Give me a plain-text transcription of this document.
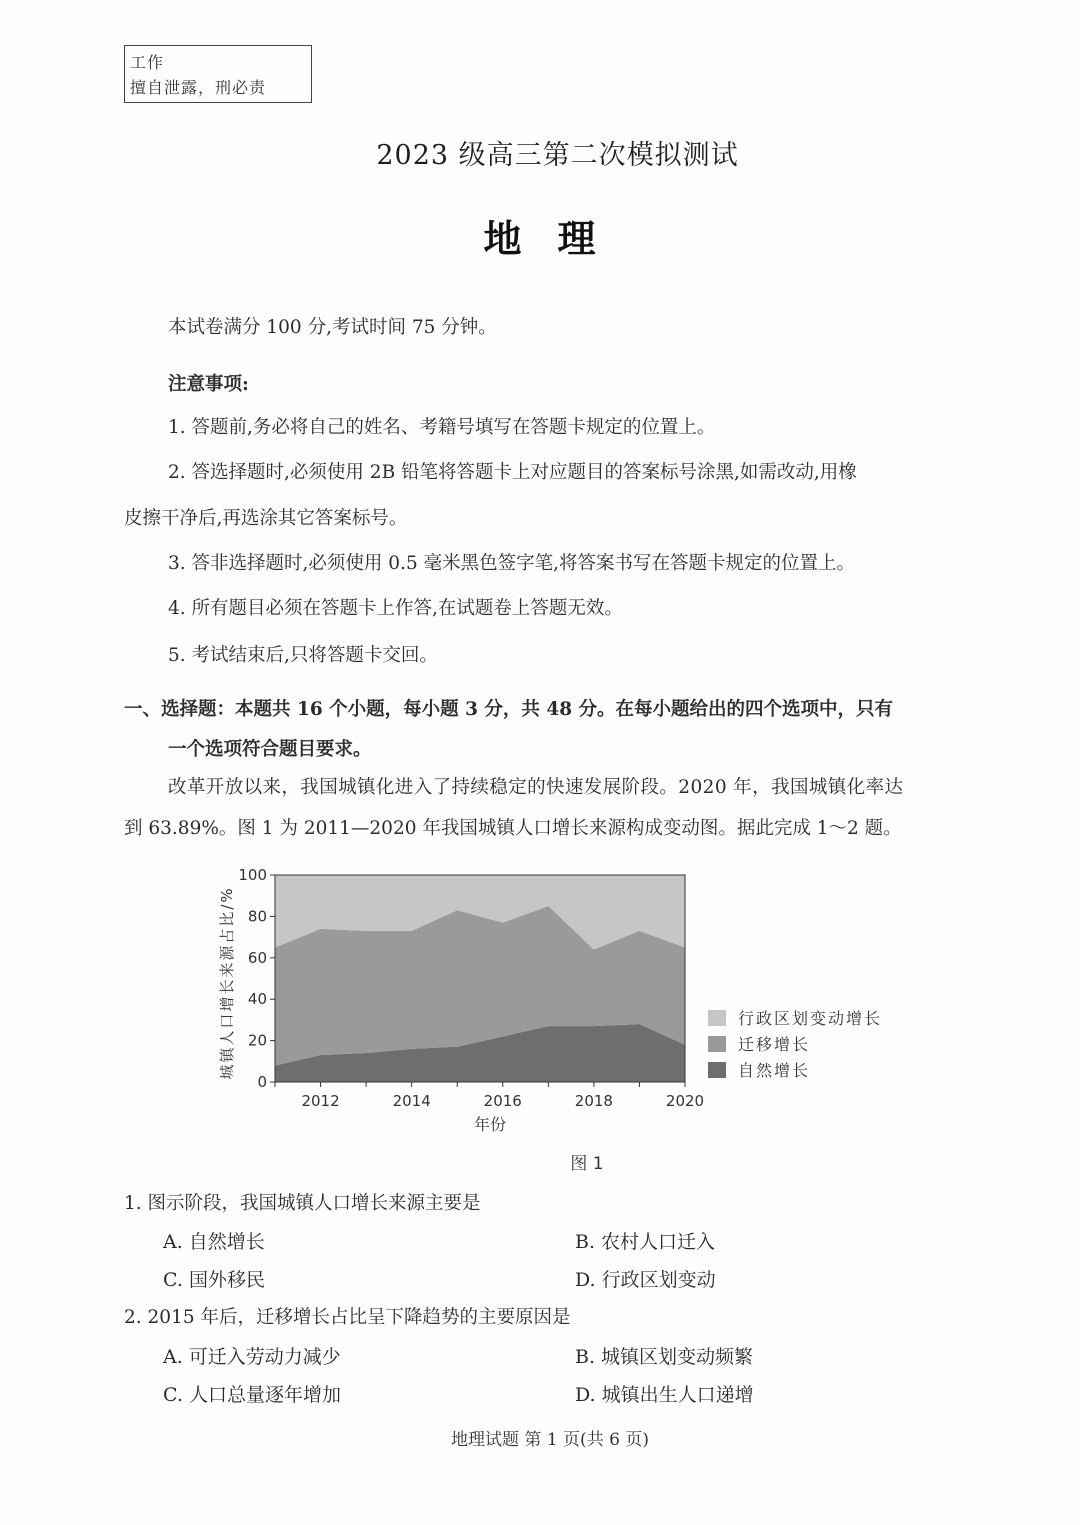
工作
擅自泄露，刑必责
2023 级高三第二次模拟测试
地理
本试卷满分 100 分,考试时间 75 分钟。
注意事项:
1. 答题前,务必将自己的姓名、考籍号填写在答题卡规定的位置上。
2. 答选择题时,必须使用 2B 铅笔将答题卡上对应题目的答案标号涂黑,如需改动,用橡
皮擦干净后,再选涂其它答案标号。
3. 答非选择题时,必须使用 0.5 毫米黑色签字笔,将答案书写在答题卡规定的位置上。
4. 所有题目必须在答题卡上作答,在试题卷上答题无效。
5. 考试结束后,只将答题卡交回。
一、选择题：本题共 16 个小题，每小题 3 分，共 48 分。在每小题给出的四个选项中，只有
一个选项符合题目要求。
改革开放以来，我国城镇化进入了持续稳定的快速发展阶段。2020 年，我国城镇化率达
到 63.89%。图 1 为 2011—2020 年我国城镇人口增长来源构成变动图。据此完成 1～2 题。
0
20
40
60
80
100
2012	2014	2016	2018	2020
年份
城镇人口增长来源占比/%	行政区划变动增长
迁移增长
自然增长
图 1
1. 图示阶段，我国城镇人口增长来源主要是
A. 自然增长	B. 农村人口迁入
C. 国外移民	D. 行政区划变动
2. 2015 年后，迁移增长占比呈下降趋势的主要原因是
A. 可迁入劳动力减少	B. 城镇区划变动频繁
C. 人口总量逐年增加	D. 城镇出生人口递增
地理试题 第 1 页(共 6 页)
